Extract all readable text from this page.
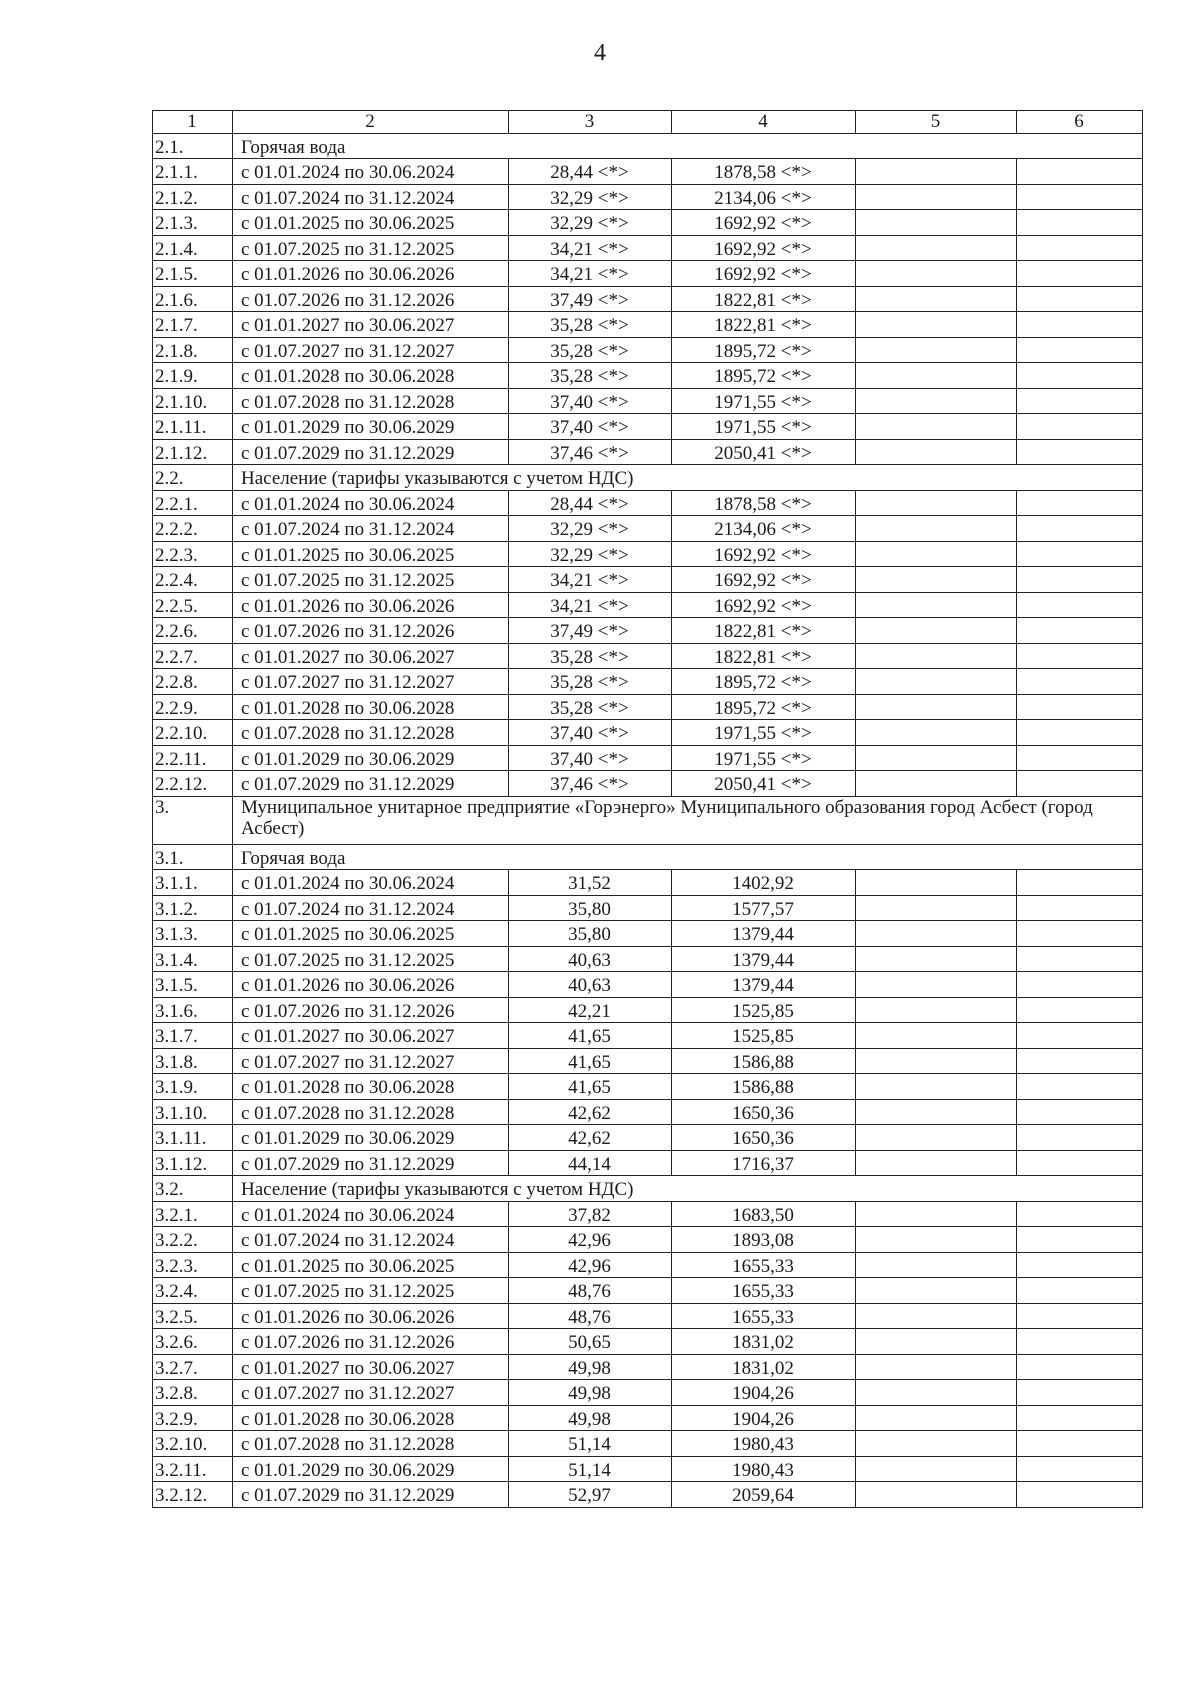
4
1	2	3	4	5	6
2.1.	Горячая вода				
2.1.1.	с 01.01.2024 по 30.06.2024	28,44 <*>	1878,58 <*>		
2.1.2.	с 01.07.2024 по 31.12.2024	32,29 <*>	2134,06 <*>		
2.1.3.	с 01.01.2025 по 30.06.2025	32,29 <*>	1692,92 <*>		
2.1.4.	с 01.07.2025 по 31.12.2025	34,21 <*>	1692,92 <*>		
2.1.5.	с 01.01.2026 по 30.06.2026	34,21 <*>	1692,92 <*>		
2.1.6.	с 01.07.2026 по 31.12.2026	37,49 <*>	1822,81 <*>		
2.1.7.	с 01.01.2027 по 30.06.2027	35,28 <*>	1822,81 <*>		
2.1.8.	с 01.07.2027 по 31.12.2027	35,28 <*>	1895,72 <*>		
2.1.9.	с 01.01.2028 по 30.06.2028	35,28 <*>	1895,72 <*>		
2.1.10.	с 01.07.2028 по 31.12.2028	37,40 <*>	1971,55 <*>		
2.1.11.	с 01.01.2029 по 30.06.2029	37,40 <*>	1971,55 <*>		
2.1.12.	с 01.07.2029 по 31.12.2029	37,46 <*>	2050,41 <*>		
2.2.	Население (тарифы указываются с учетом НДС)				
2.2.1.	с 01.01.2024 по 30.06.2024	28,44 <*>	1878,58 <*>		
2.2.2.	с 01.07.2024 по 31.12.2024	32,29 <*>	2134,06 <*>		
2.2.3.	с 01.01.2025 по 30.06.2025	32,29 <*>	1692,92 <*>		
2.2.4.	с 01.07.2025 по 31.12.2025	34,21 <*>	1692,92 <*>		
2.2.5.	с 01.01.2026 по 30.06.2026	34,21 <*>	1692,92 <*>		
2.2.6.	с 01.07.2026 по 31.12.2026	37,49 <*>	1822,81 <*>		
2.2.7.	с 01.01.2027 по 30.06.2027	35,28 <*>	1822,81 <*>		
2.2.8.	с 01.07.2027 по 31.12.2027	35,28 <*>	1895,72 <*>		
2.2.9.	с 01.01.2028 по 30.06.2028	35,28 <*>	1895,72 <*>		
2.2.10.	с 01.07.2028 по 31.12.2028	37,40 <*>	1971,55 <*>		
2.2.11.	с 01.01.2029 по 30.06.2029	37,40 <*>	1971,55 <*>		
2.2.12.	с 01.07.2029 по 31.12.2029	37,46 <*>	2050,41 <*>		
3.	Муниципальное унитарное предприятие «Горэнерго» Муниципального образования город Асбест (город Асбест)				
3.1.	Горячая вода				
3.1.1.	с 01.01.2024 по 30.06.2024	31,52	1402,92		
3.1.2.	с 01.07.2024 по 31.12.2024	35,80	1577,57		
3.1.3.	с 01.01.2025 по 30.06.2025	35,80	1379,44		
3.1.4.	с 01.07.2025 по 31.12.2025	40,63	1379,44		
3.1.5.	с 01.01.2026 по 30.06.2026	40,63	1379,44		
3.1.6.	с 01.07.2026 по 31.12.2026	42,21	1525,85		
3.1.7.	с 01.01.2027 по 30.06.2027	41,65	1525,85		
3.1.8.	с 01.07.2027 по 31.12.2027	41,65	1586,88		
3.1.9.	с 01.01.2028 по 30.06.2028	41,65	1586,88		
3.1.10.	с 01.07.2028 по 31.12.2028	42,62	1650,36		
3.1.11.	с 01.01.2029 по 30.06.2029	42,62	1650,36		
3.1.12.	с 01.07.2029 по 31.12.2029	44,14	1716,37		
3.2.	Население (тарифы указываются с учетом НДС)				
3.2.1.	с 01.01.2024 по 30.06.2024	37,82	1683,50		
3.2.2.	с 01.07.2024 по 31.12.2024	42,96	1893,08		
3.2.3.	с 01.01.2025 по 30.06.2025	42,96	1655,33		
3.2.4.	с 01.07.2025 по 31.12.2025	48,76	1655,33		
3.2.5.	с 01.01.2026 по 30.06.2026	48,76	1655,33		
3.2.6.	с 01.07.2026 по 31.12.2026	50,65	1831,02		
3.2.7.	с 01.01.2027 по 30.06.2027	49,98	1831,02		
3.2.8.	с 01.07.2027 по 31.12.2027	49,98	1904,26		
3.2.9.	с 01.01.2028 по 30.06.2028	49,98	1904,26		
3.2.10.	с 01.07.2028 по 31.12.2028	51,14	1980,43		
3.2.11.	с 01.01.2029 по 30.06.2029	51,14	1980,43		
3.2.12.	с 01.07.2029 по 31.12.2029	52,97	2059,64		
